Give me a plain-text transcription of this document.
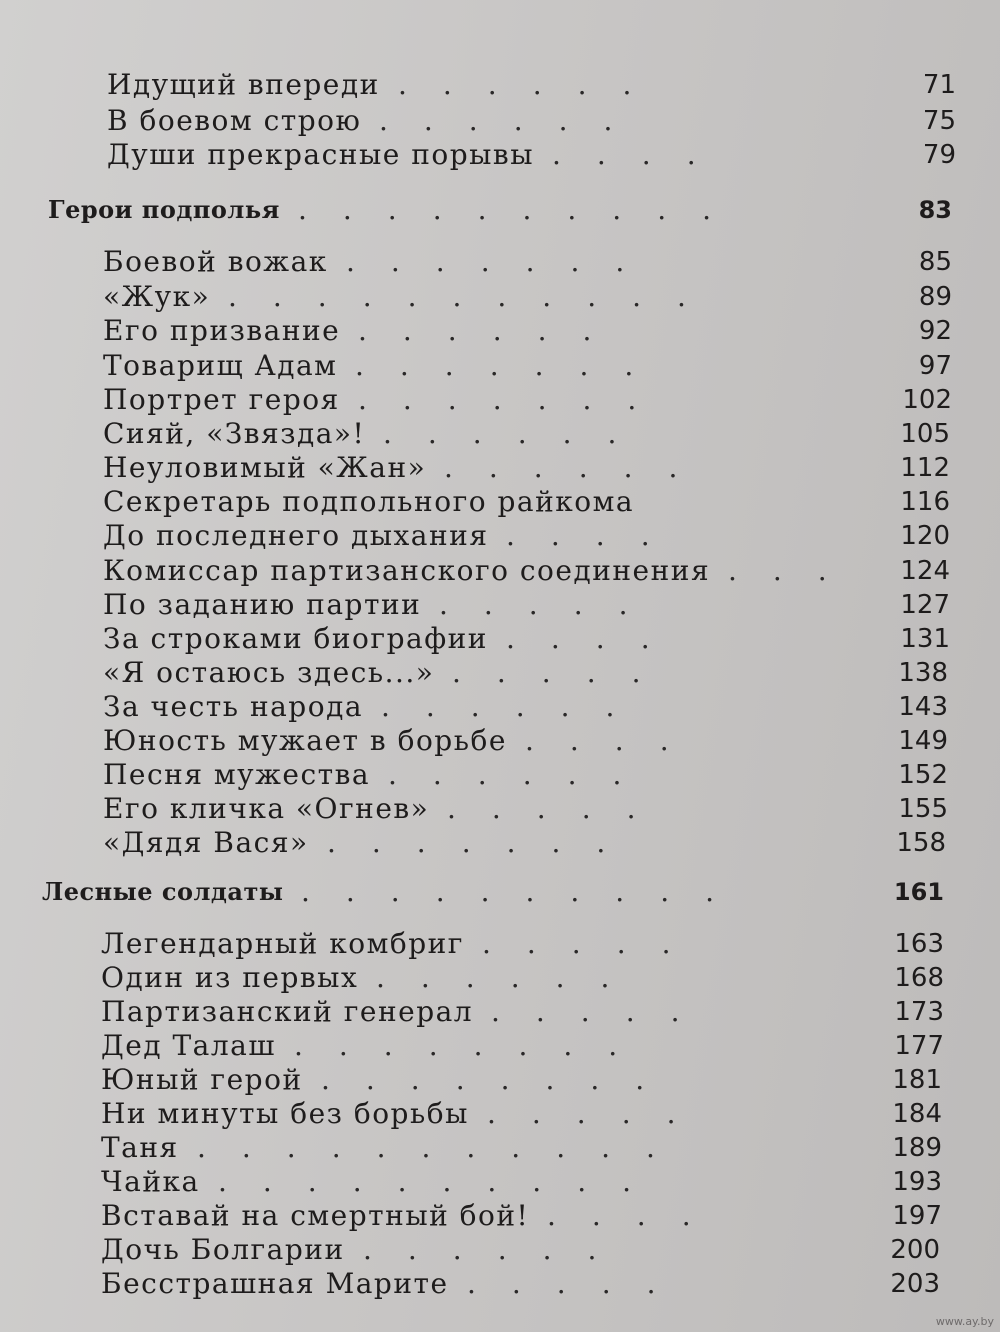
Идущий впереди ......	71
В боевом строю ......	75
Души прекрасные порывы ....	79
Герои подполья ..........	83
Боевой вожак .......	85
«Жук» ...........	89
Его призвание ......	92
Товарищ Адам .......	97
Портрет героя .......	102
Сияй, «Звязда»! ......	105
Неуловимый «Жан» ......	112
Секретарь подпольного райкома	116
До последнего дыхания ....	120
Комиссар партизанского соединения ...	124
По заданию партии .....	127
За строками биографии ....	131
«Я остаюсь здесь...» .....	138
За честь народа ......	143
Юность мужает в борьбе ....	149
Песня мужества ......	152
Его кличка «Огнев» .....	155
«Дядя Вася» .......	158
Лесные солдаты ..........	161
Легендарный комбриг .....	163
Один из первых ......	168
Партизанский генерал .....	173
Дед Талаш ........	177
Юный герой ........	181
Ни минуты без борьбы .....	184
Таня ...........	189
Чайка ..........	193
Вставай на смертный бой! ....	197
Дочь Болгарии ......	200
Бесстрашная Марите .....	203
www.ay.by
